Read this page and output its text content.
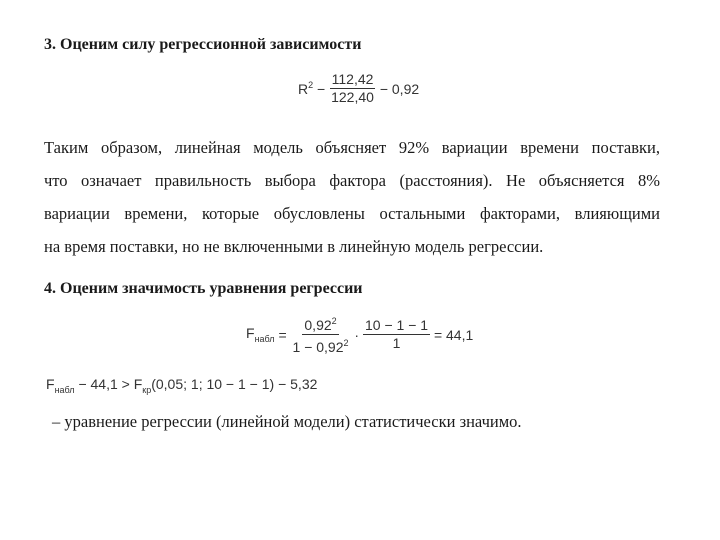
3. Оценим силу регрессионной зависимости
$R^2 - \frac{112,42}{122,40} - 0,92$
Таким образом, линейная модель объясняет 92% вариации времени поставки,
что означает правильность выбора фактора (расстояния). Не объясняется 8%
вариации времени, которые обусловлены остальными факторами, влияющими
на время поставки, но не включенными в линейную модель регрессии.
4. Оценим значимость уравнения регрессии
$F_{набл} = \frac{0,92^2}{1 - 0,92^2} \cdot \frac{10 - 1 - 1}{1} = 44,1$
$F_{набл} - 44,1 > F_{кр}(0,05$; 1; 10 − 1 − 1) − 5,32
– уравнение регрессии (линейной модели) статистически значимо.
